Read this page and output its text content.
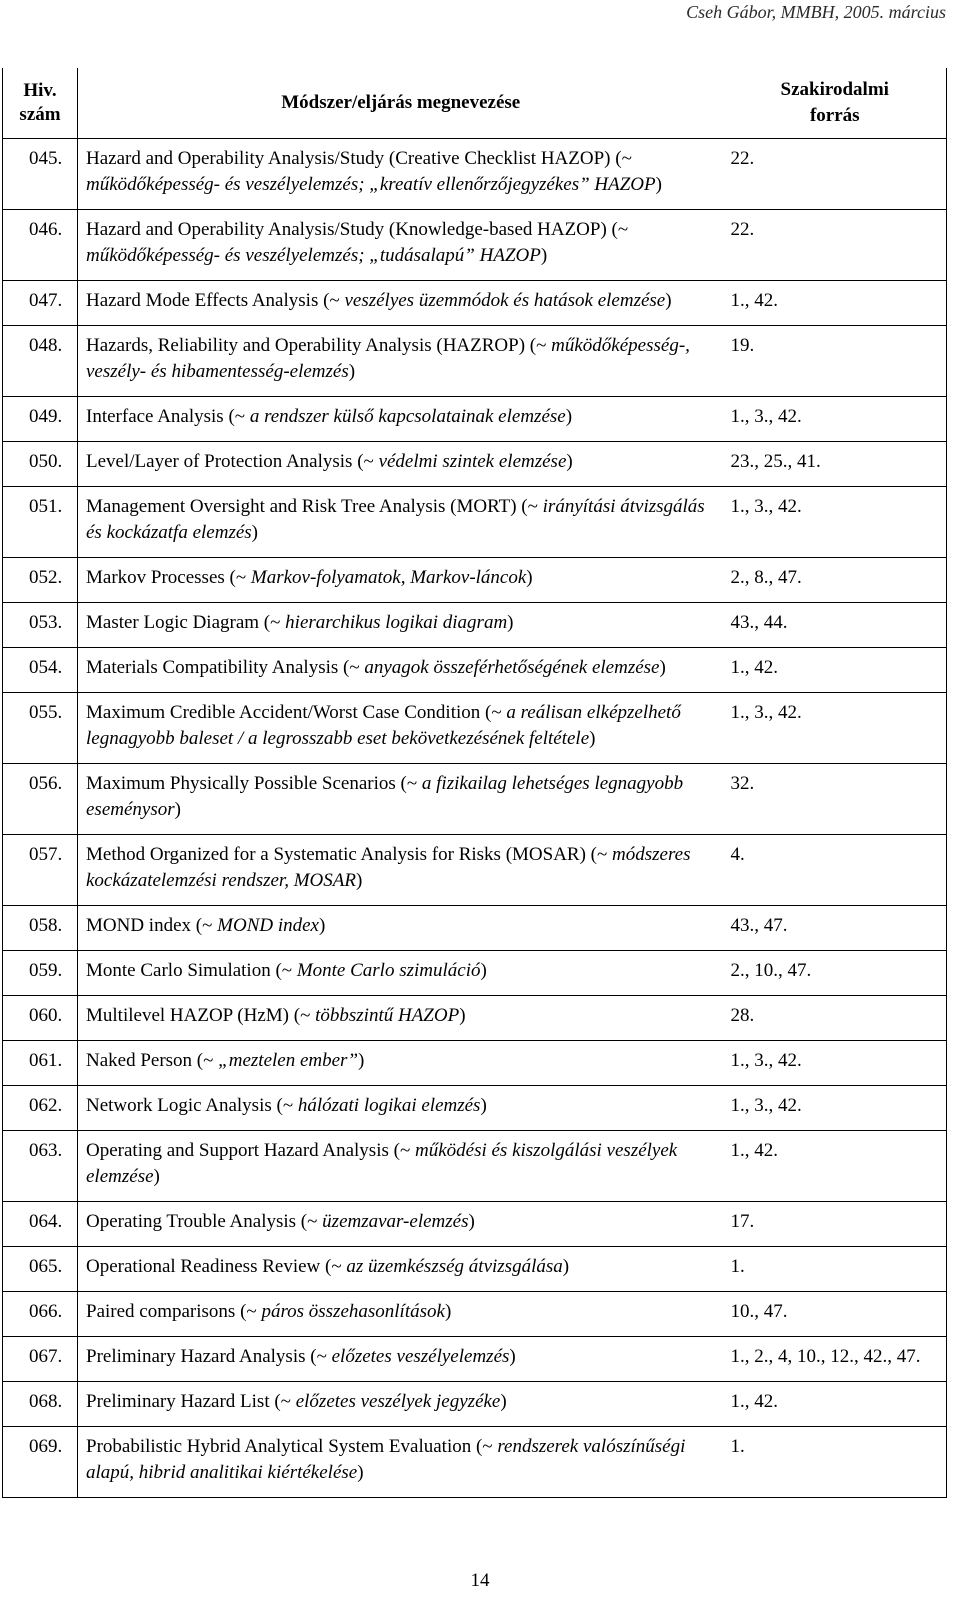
Cseh Gábor, MMBH, 2005. március
Hiv.
szám	Módszer/eljárás megnevezése	Szakirodalmi
forrás
045.	Hazard and Operability Analysis/Study (Creative Checklist HAZOP) (~ működőképesség- és veszélyelemzés; „kreatív ellenőrzőjegyzékes” HAZOP)	22.
046.	Hazard and Operability Analysis/Study (Knowledge-based HAZOP) (~ működőképesség- és veszélyelemzés; „tudásalapú” HAZOP)	22.
047.	Hazard Mode Effects Analysis (~ veszélyes üzemmódok és hatások elemzése)	1., 42.
048.	Hazards, Reliability and Operability Analysis (HAZROP) (~ működőképesség-, veszély- és hibamentesség-elemzés)	19.
049.	Interface Analysis (~ a rendszer külső kapcsolatainak elemzése)	1., 3., 42.
050.	Level/Layer of Protection Analysis (~ védelmi szintek elemzése)	23., 25., 41.
051.	Management Oversight and Risk Tree Analysis (MORT) (~ irányítási átvizsgálás és kockázatfa elemzés)	1., 3., 42.
052.	Markov Processes (~ Markov-folyamatok, Markov-láncok)	2., 8., 47.
053.	Master Logic Diagram (~ hierarchikus logikai diagram)	43., 44.
054.	Materials Compatibility Analysis (~ anyagok összeférhetőségének elemzése)	1., 42.
055.	Maximum Credible Accident/Worst Case Condition (~ a reálisan elképzelhető legnagyobb baleset / a legrosszabb eset bekövetkezésének feltétele)	1., 3., 42.
056.	Maximum Physically Possible Scenarios (~ a fizikailag lehetséges legnagyobb eseménysor)	32.
057.	Method Organized for a Systematic Analysis for Risks (MOSAR) (~ módszeres kockázatelemzési rendszer, MOSAR)	4.
058.	MOND index (~ MOND index)	43., 47.
059.	Monte Carlo Simulation (~ Monte Carlo szimuláció)	2., 10., 47.
060.	Multilevel HAZOP (HzM) (~ többszintű HAZOP)	28.
061.	Naked Person (~ „meztelen ember”)	1., 3., 42.
062.	Network Logic Analysis (~ hálózati logikai elemzés)	1., 3., 42.
063.	Operating and Support Hazard Analysis (~ működési és kiszolgálási veszélyek elemzése)	1., 42.
064.	Operating Trouble Analysis (~ üzemzavar-elemzés)	17.
065.	Operational Readiness Review (~ az üzemkészség átvizsgálása)	1.
066.	Paired comparisons (~ páros összehasonlítások)	10., 47.
067.	Preliminary Hazard Analysis (~ előzetes veszélyelemzés)	1., 2., 4, 10., 12., 42., 47.
068.	Preliminary Hazard List (~ előzetes veszélyek jegyzéke)	1., 42.
069.	Probabilistic Hybrid Analytical System Evaluation (~ rendszerek valószínűségi alapú, hibrid analitikai kiértékelése)	1.
14
